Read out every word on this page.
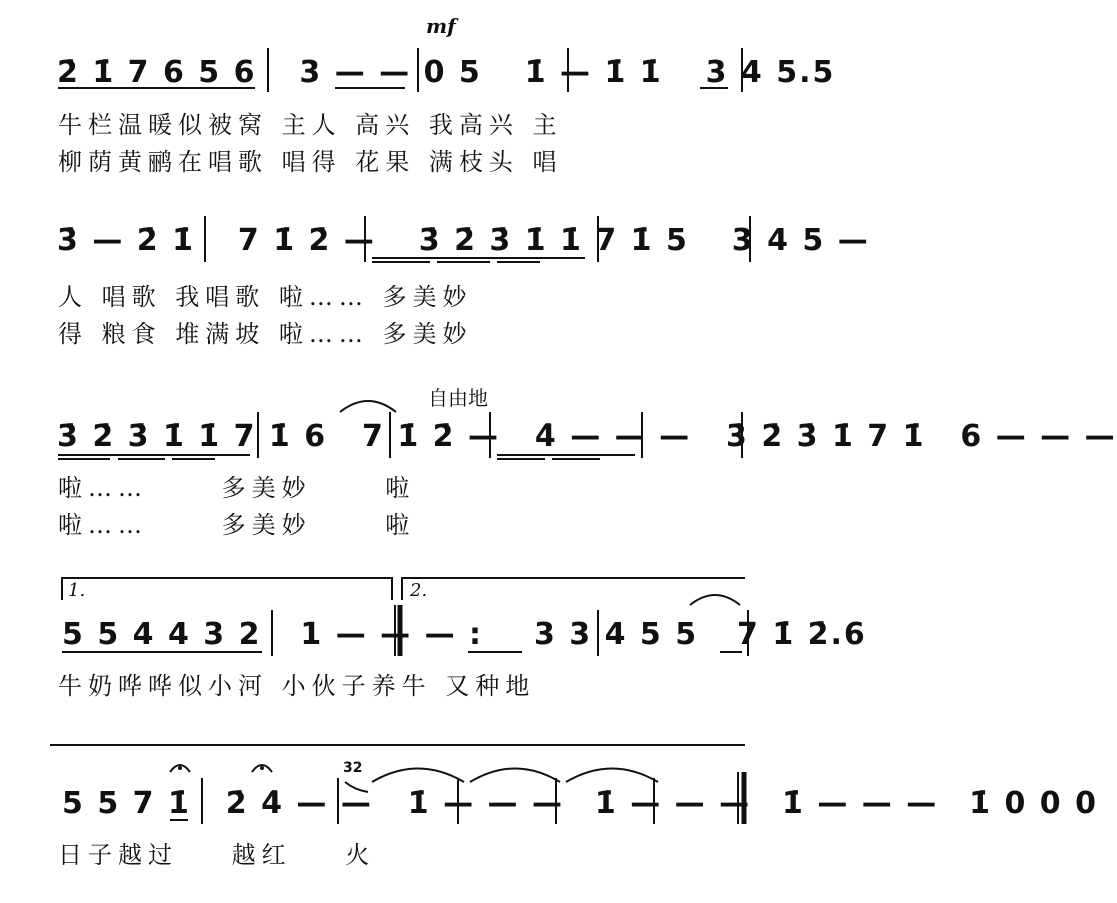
mf
2̇ 1̇ 7 6 5 6 3 — — 0 5 1̇ — 1̇ 1̇ 3 4 5.5
牛栏温暖似被窝 主人 高兴 我高兴 主
柳荫黄鹂在唱歌 唱得 花果 满枝头 唱
3̇ — 2̇ 1̇ 7 1̇ 2̇ — 3̇ 2̇ 3̇ 1̇ 1̇ 7 1̇ 5 3 4 5 —
人 唱歌 我唱歌 啦…… 多美妙
得 粮食 堆满坡 啦…… 多美妙
自由地
3̇ 2̇ 3̇ 1̇ 1̇ 7 1̇ 6 7 1̇ 2̇ — 4̇ — — — 3̇ 2̇ 3̇ 1̇ 7 1̇ 6 — — —
啦…… 多美妙 啦
啦…… 多美妙 啦
1.	2.
5 5 4 4 3 2 1 — — — : 3 3 4 5 5 7 1̇ 2̇.6
牛奶哗哗似小河 小伙子养牛 又种地
32
5 5 7 1̇ 2̇ 4̇ — — 1̇ — — — 1̇ — — — 1̇ — — — 1̇ 0 0 0
日子越过 越红 火
